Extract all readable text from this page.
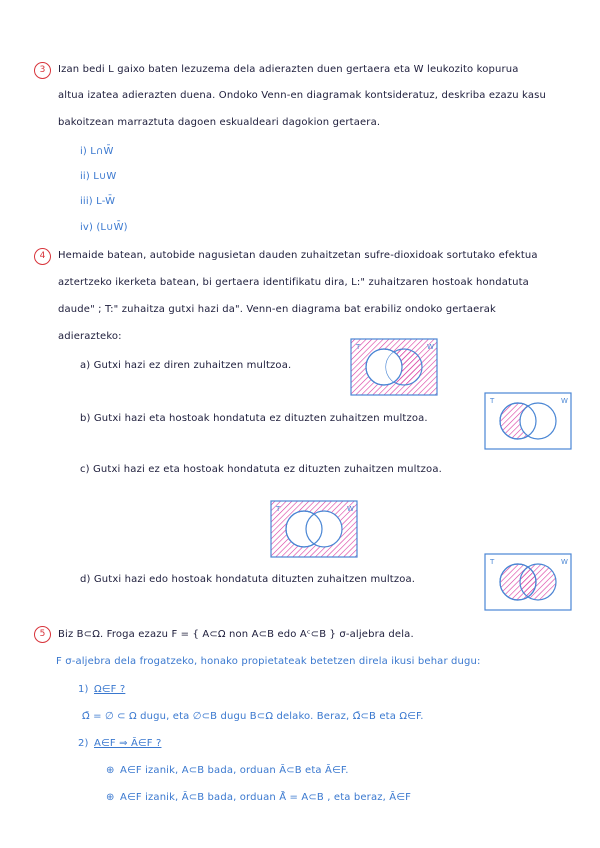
3	Izan bedi L gaixo baten lezuzema dela adierazten duen gertaera eta W leukozito kopurua
altua izatea adierazten duena. Ondoko Venn-en diagramak kontsideratuz, deskriba ezazu kasu
bakoitzean marraztuta dagoen eskualdeari dagokion gertaera.
i) L∩W̄
ii) L∪W
iii) L-W̄
iv) (L∪W̄)
4	Hemaide batean, autobide nagusietan dauden zuhaitzetan sufre-dioxidoak sortutako efektua
aztertzeko ikerketa batean, bi gertaera identifikatu dira, L:" zuhaitzaren hostoak hondatuta
daude" ; T:" zuhaitza gutxi hazi da". Venn-en diagrama bat erabiliz ondoko gertaerak
adierazteko:
a) Gutxi hazi ez diren zuhaitzen multzoa.
b) Gutxi hazi eta hostoak hondatuta ez dituzten zuhaitzen multzoa.
c) Gutxi hazi ez eta hostoak hondatuta ez dituzten zuhaitzen multzoa.
d) Gutxi hazi edo hostoak hondatuta dituzten zuhaitzen multzoa.
T	W
T	W
T	W
T	W
5	Biz B⊂Ω. Froga ezazu F = { A⊂Ω non A⊂B edo Aᶜ⊂B } σ-aljebra dela.
F σ-aljebra dela frogatzeko, honako propietateak betetzen direla ikusi behar dugu:
1) Ω∈F ?
Ω̄ = ∅ ⊂ Ω dugu, eta ∅⊂B dugu B⊂Ω delako. Beraz, Ω̄⊂B eta Ω∈F.
2) A∈F ⇒ Ā∈F ?
⊕ A∈F izanik, A⊂B bada, orduan Ā⊂B eta Ā∈F.
⊕ A∈F izanik, Ā⊂B bada, orduan Ā̄ = A⊂B , eta beraz, Ā∈F
